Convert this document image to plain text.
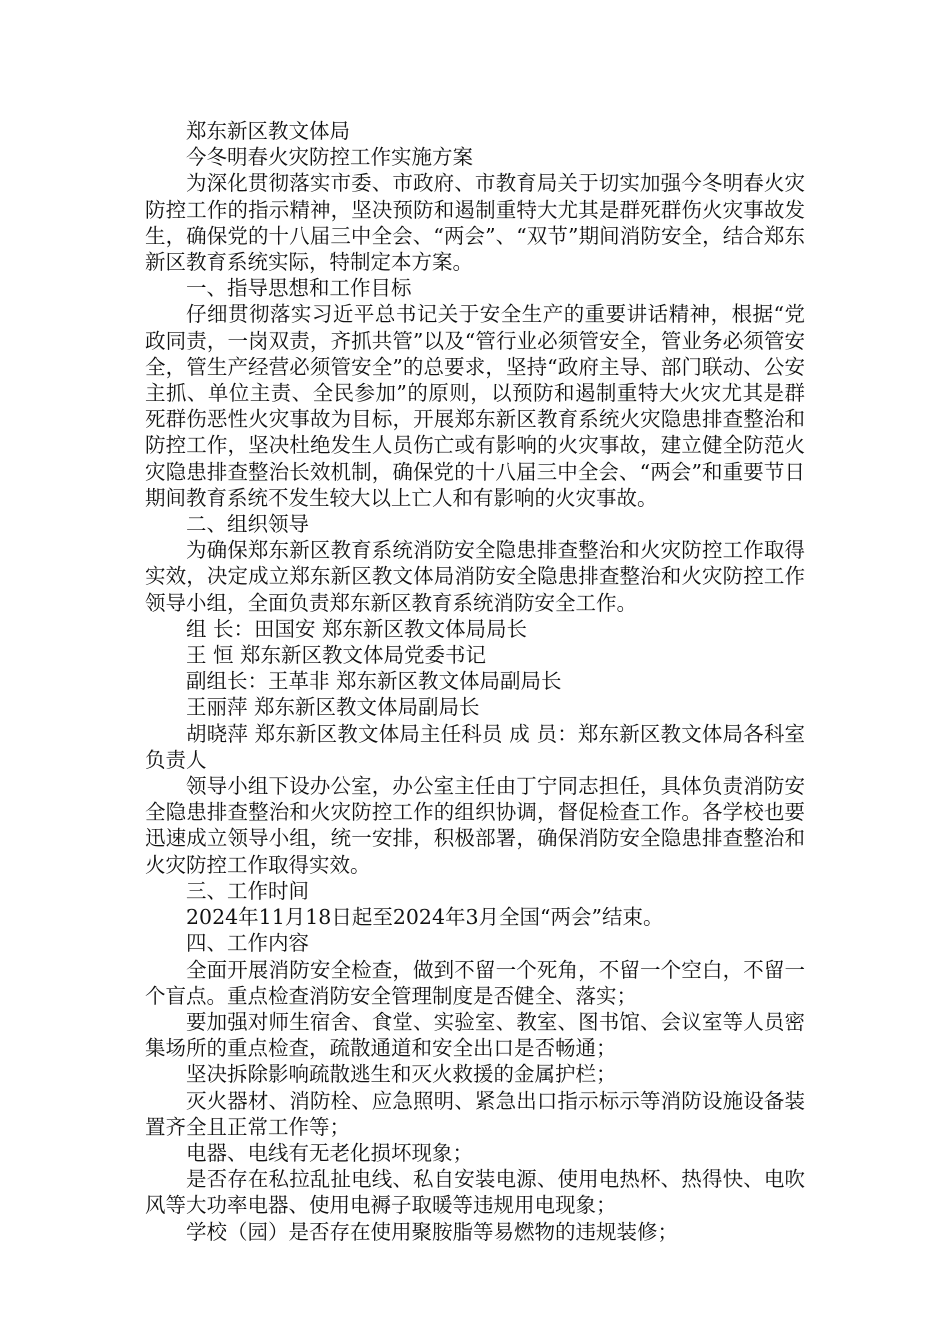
郑东新区教文体局

今冬明春火灾防控工作实施方案

为深化贯彻落实市委、市政府、市教育局关于切实加强今冬明春火灾防控工作的指示精神，坚决预防和遏制重特大尤其是群死群伤火灾事故发生，确保党的十八届三中全会、“两会”、“双节”期间消防安全，结合郑东新区教育系统实际，特制定本方案。

一、指导思想和工作目标

仔细贯彻落实习近平总书记关于安全生产的重要讲话精神，根据“党政同责，一岗双责，齐抓共管”以及“管行业必须管安全，管业务必须管安全，管生产经营必须管安全”的总要求，坚持“政府主导、部门联动、公安主抓、单位主责、全民参加”的原则，以预防和遏制重特大火灾尤其是群死群伤恶性火灾事故为目标，开展郑东新区教育系统火灾隐患排查整治和防控工作，坚决杜绝发生人员伤亡或有影响的火灾事故，建立健全防范火灾隐患排查整治长效机制，确保党的十八届三中全会、“两会”和重要节日期间教育系统不发生较大以上亡人和有影响的火灾事故。

二、组织领导

为确保郑东新区教育系统消防安全隐患排查整治和火灾防控工作取得实效，决定成立郑东新区教文体局消防安全隐患排查整治和火灾防控工作领导小组，全面负责郑东新区教育系统消防安全工作。

组 长：田国安 郑东新区教文体局局长

王 恒 郑东新区教文体局党委书记

副组长：王革非 郑东新区教文体局副局长

王丽萍 郑东新区教文体局副局长

胡晓萍 郑东新区教文体局主任科员 成 员：郑东新区教文体局各科室负责人

领导小组下设办公室，办公室主任由丁宁同志担任，具体负责消防安全隐患排查整治和火灾防控工作的组织协调，督促检查工作。各学校也要迅速成立领导小组，统一安排，积极部署，确保消防安全隐患排查整治和火灾防控工作取得实效。

三、工作时间

2024年11月18日起至2024年3月全国“两会”结束。

四、工作内容

全面开展消防安全检查，做到不留一个死角，不留一个空白，不留一个盲点。重点检查消防安全管理制度是否健全、落实；

要加强对师生宿舍、食堂、实验室、教室、图书馆、会议室等人员密集场所的重点检查，疏散通道和安全出口是否畅通；

坚决拆除影响疏散逃生和灭火救援的金属护栏；

灭火器材、消防栓、应急照明、紧急出口指示标示等消防设施设备装置齐全且正常工作等；

电器、电线有无老化损坏现象；

是否存在私拉乱扯电线、私自安装电源、使用电热杯、热得快、电吹风等大功率电器、使用电褥子取暖等违规用电现象；

学校（园）是否存在使用聚胺脂等易燃物的违规装修；
